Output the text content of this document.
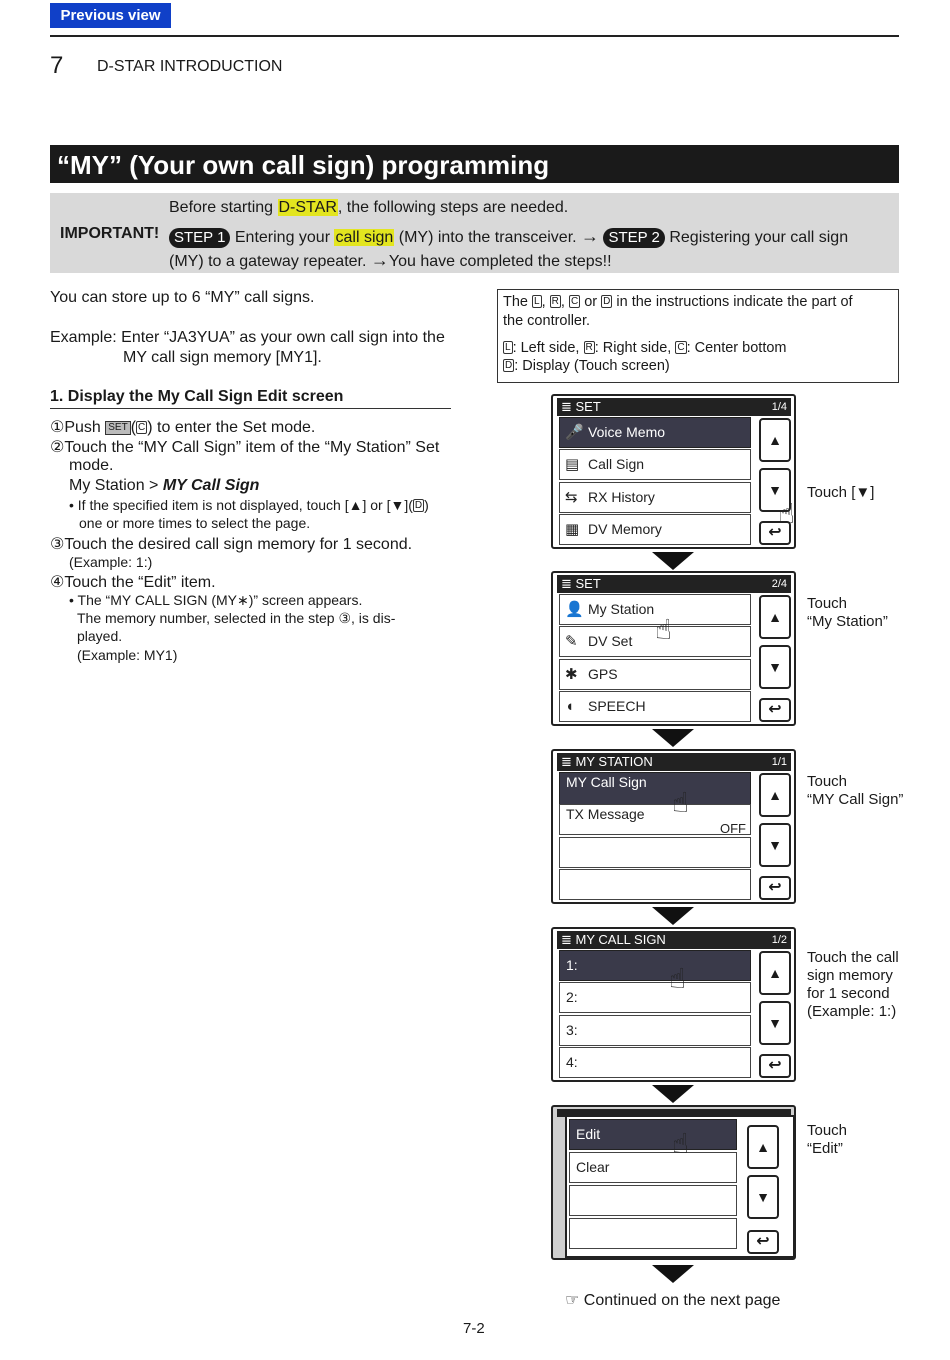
Previous view
7 D-STAR INTRODUCTION
“MY” (Your own call sign) programming
IMPORTANT!
Before starting D-STAR, the following steps are needed.
STEP 1 Entering your call sign (MY) into the transceiver. → STEP 2 Registering your call sign
(MY) to a gateway repeater. →You have completed the steps!!
You can store up to 6 “MY” call signs.
Example: Enter “JA3YUA” as your own call sign into the
MY call sign memory [MY1].
The L , R , C or D in the instructions indicate the part of
the controller.
L : Left side, R : Right side, C : Center bottom
D : Display (Touch screen)
1. Display the My Call Sign Edit screen
①Push SET ( C ) to enter the Set mode.
②Touch the “MY Call Sign” item of the “My Station” Set
mode.
My Station > MY Call Sign
• If the specified item is not displayed, touch [▲] or [▼]( D )
one or more times to select the page.
③Touch the desired call sign memory for 1 second.
(Example: 1:)
④Touch the “Edit” item.
• The “MY CALL SIGN (MY∗)” screen appears.
The memory number, selected in the step ③, is dis-
played.
(Example: MY1)
≣ SET	1/4
🎤 Voice Memo
▤ Call Sign
⇆ RX History
▦ DV Memory
▲
▼
↩
☝
Touch [▼]
≣ SET	2/4
👤 My Station
✎ DV Set
✱ GPS
◖ SPEECH
▲
▼
↩
☝
Touch
“My Station”
≣ MY STATION	1/1
MY Call Sign
TX Message
OFF
▲
▼
↩
☝
Touch
“MY Call Sign”
≣ MY CALL SIGN	1/2
1:
2:
3:
4:
▲
▼
↩
☝
Touch the call
sign memory
for 1 second
(Example: 1:)
Edit
Clear
▲
▼
↩
☝	Touch
“Edit”
☞ Continued on the next page
7-2
